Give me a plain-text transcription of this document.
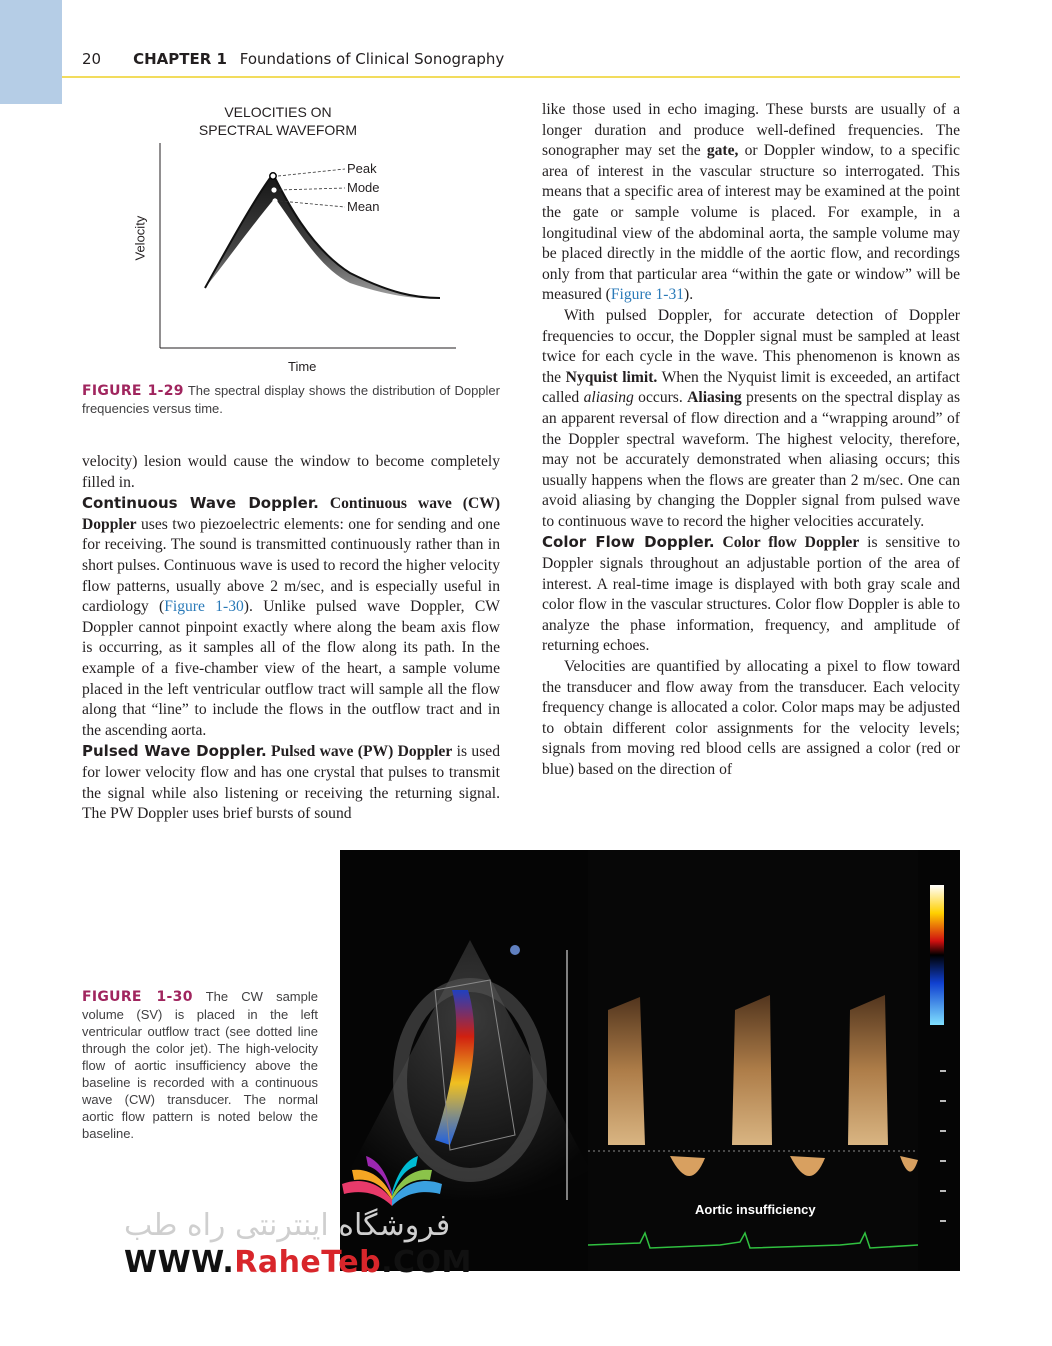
20 CHAPTER 1 Foundations of Clinical Sonography
VELOCITIES ON
SPECTRAL WAVEFORM
Velocity
Time
Peak
Mode
Mean
FIGURE 1-29 The spectral display shows the distribution of Doppler frequencies versus time.

velocity) lesion would cause the window to become completely filled in.

Continuous Wave Doppler. Continuous wave (CW) Doppler uses two piezoelectric elements: one for sending and one for receiving. The sound is transmitted continuously rather than in short pulses. Continuous wave is used to record the higher velocity flow patterns, usually above 2 m/sec, and is especially useful in cardiology (Figure 1-30). Unlike pulsed wave Doppler, CW Doppler cannot pinpoint exactly where along the beam axis flow is occurring, as it samples all of the flow along its path. In the example of a five-chamber view of the heart, a sample volume placed in the left ventricular outflow tract will sample all the flow along that “line” to include the flows in the outflow tract and in the ascending aorta.

Pulsed Wave Doppler. Pulsed wave (PW) Doppler is used for lower velocity flow and has one crystal that pulses to transmit the signal while also listening or receiving the returning signal. The PW Doppler uses brief bursts of sound

like those used in echo imaging. These bursts are usually of a longer duration and produce well-defined frequencies. The sonographer may set the gate, or Doppler window, to a specific area of interest in the vascular structure so interrogated. This means that a specific area of interest may be examined at the point the gate or sample volume is placed. For example, in a longitudinal view of the abdominal aorta, the sample volume may be placed directly in the middle of the aortic flow, and recordings only from that particular area “within the gate or window” will be measured (Figure 1-31).

With pulsed Doppler, for accurate detection of Doppler frequencies to occur, the Doppler signal must be sampled at least twice for each cycle in the wave. This phenomenon is known as the Nyquist limit. When the Nyquist limit is exceeded, an artifact called aliasing occurs. Aliasing presents on the spectral display as an apparent reversal of flow direction and a “wrapping around” of the Doppler spectral waveform. The highest velocity, therefore, may not be accurately demonstrated when aliasing occurs; this usually happens when the flows are greater than 2 m/sec. One can avoid aliasing by changing the Doppler signal from pulsed wave to continuous wave to record the higher velocities accurately.

Color Flow Doppler. Color flow Doppler is sensitive to Doppler signals throughout an adjustable portion of the area of interest. A real-time image is displayed with both gray scale and color flow in the vascular structures. Color flow Doppler is able to analyze the phase information, frequency, and amplitude of returning echoes.

Velocities are quantified by allocating a pixel to flow toward the transducer and flow away from the transducer. Each velocity frequency change is allocated a color. Color maps may be adjusted to obtain different color assignments for the velocity levels; signals from moving red blood cells are assigned a color (red or blue) based on the direction of

FIGURE 1-30 The CW sample volume (SV) is placed in the left ventricular outflow tract (see dotted line through the color jet). The high-velocity flow of aortic insufficiency above the baseline is recorded with a continuous wave (CW) transducer. The normal aortic flow pattern is noted below the baseline.
Aortic insufficiency
فروشگاه اینترنتی راه طب
WWW.RaheTeb.COM
